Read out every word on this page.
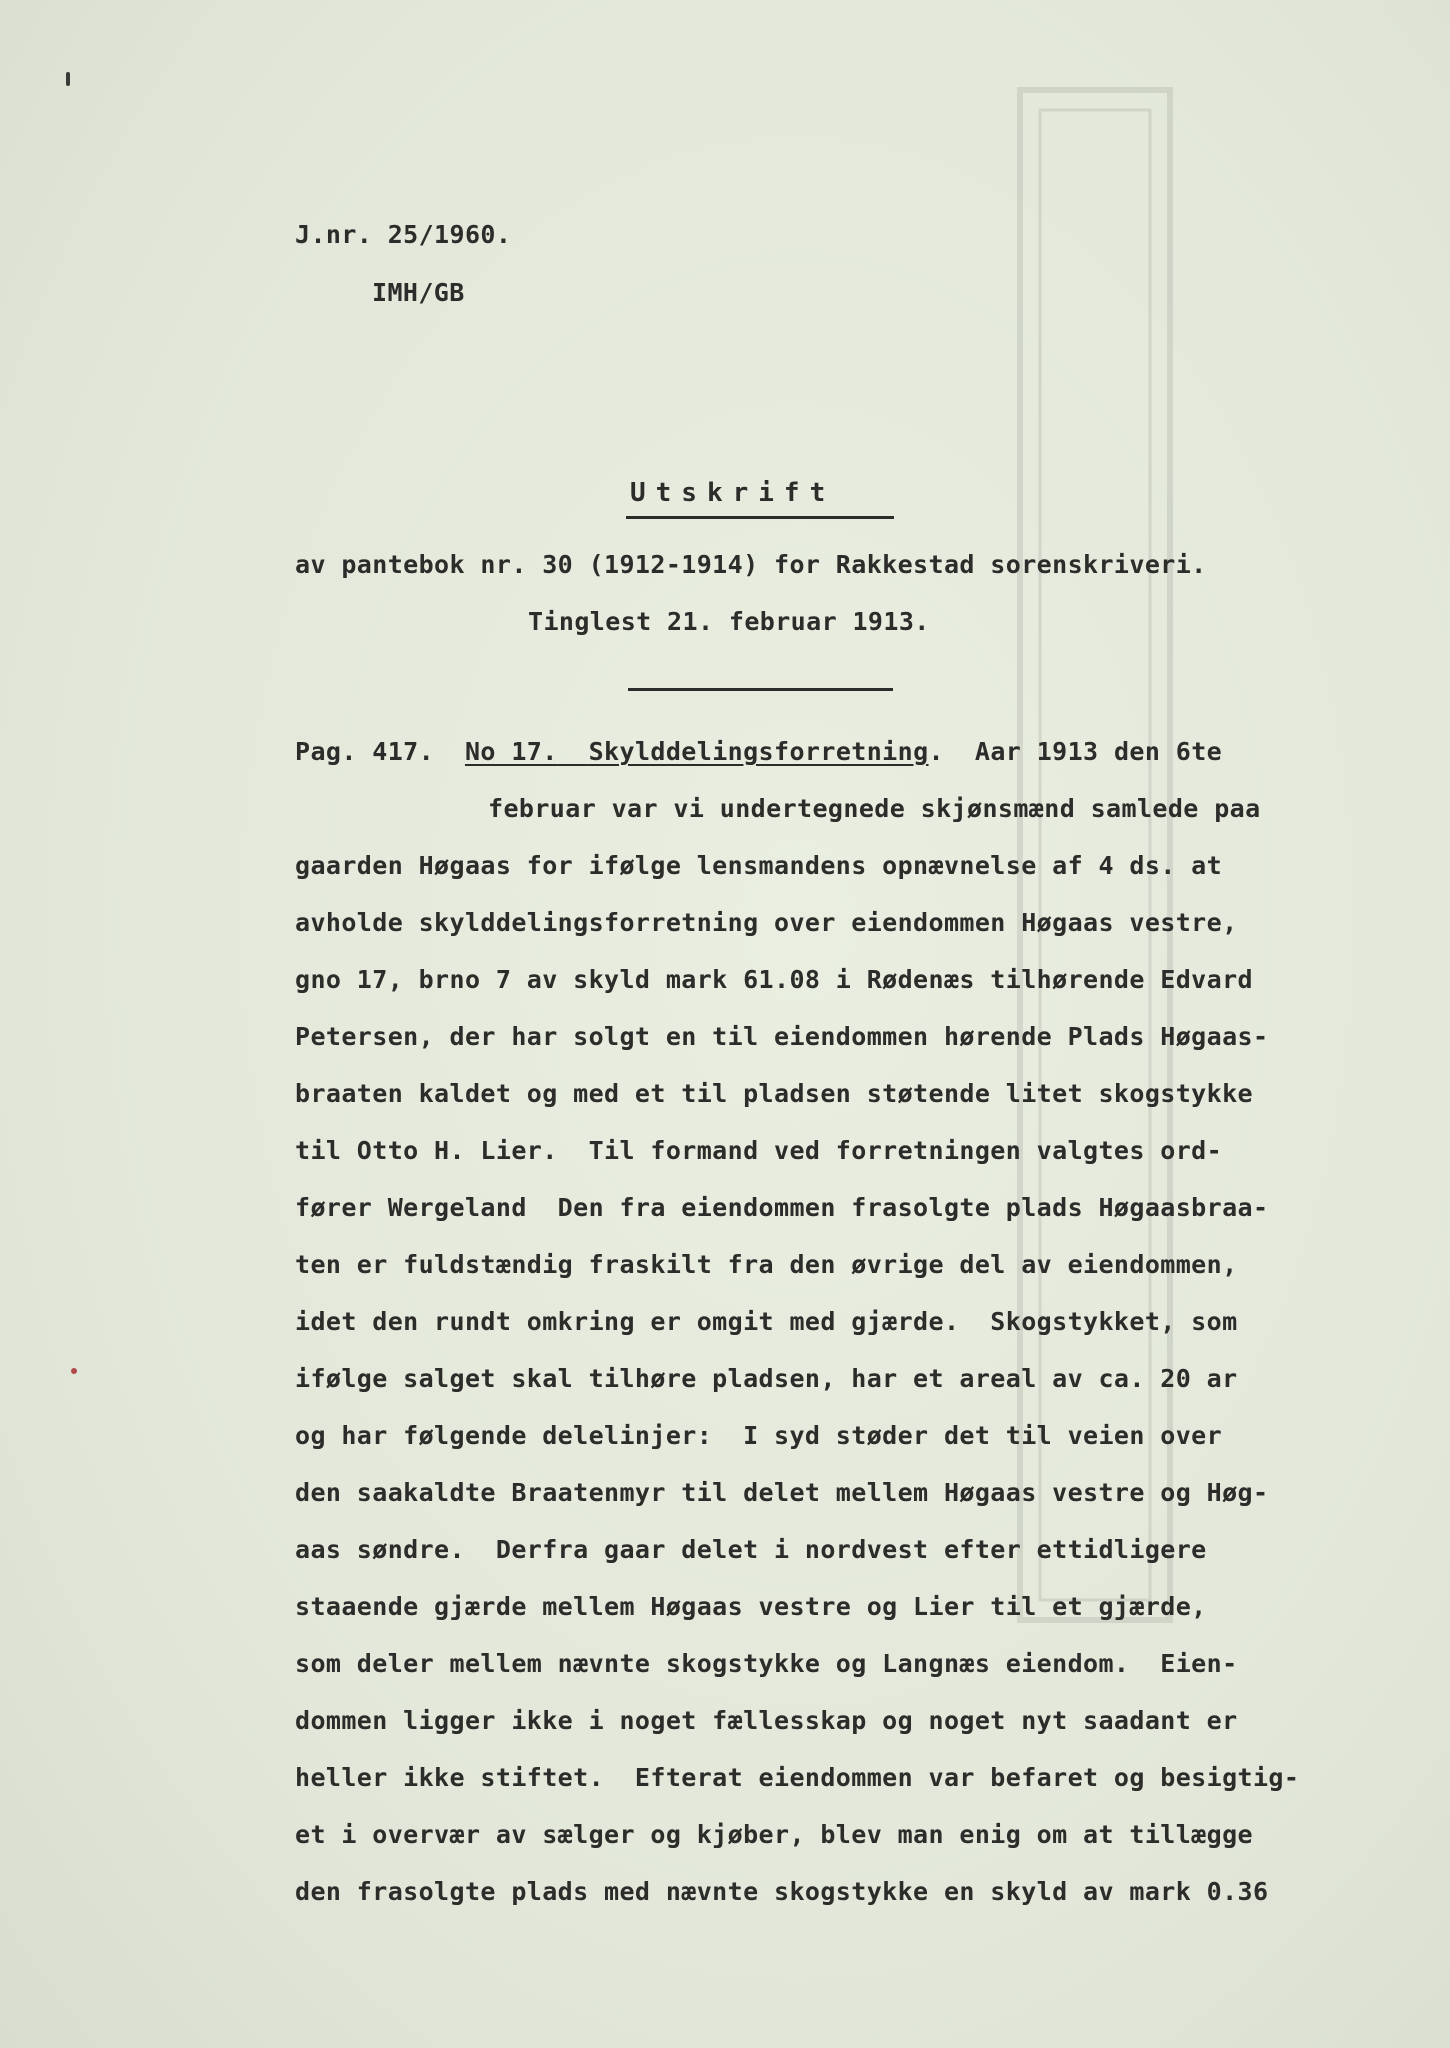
J.nr. 25/1960.
IMH/GB
Utskrift
av pantebok nr. 30 (1912-1914) for Rakkestad sorenskriveri.
Tinglest 21. februar 1913.
Pag. 417. No 17. Skylddelingsforretning. Aar 1913 den 6te
februar var vi undertegnede skjønsmænd samlede paa
gaarden Høgaas for ifølge lensmandens opnævnelse af 4 ds. at
avholde skylddelingsforretning over eiendommen Høgaas vestre,
gno 17, brno 7 av skyld mark 61.08 i Rødenæs tilhørende Edvard
Petersen, der har solgt en til eiendommen hørende Plads Høgaas-
braaten kaldet og med et til pladsen støtende litet skogstykke
til Otto H. Lier.  Til formand ved forretningen valgtes ord-
fører Wergeland  Den fra eiendommen frasolgte plads Høgaasbraa-
ten er fuldstændig fraskilt fra den øvrige del av eiendommen,
idet den rundt omkring er omgit med gjærde.  Skogstykket, som
ifølge salget skal tilhøre pladsen, har et areal av ca. 20 ar
og har følgende delelinjer:  I syd støder det til veien over
den saakaldte Braatenmyr til delet mellem Høgaas vestre og Høg-
aas søndre.  Derfra gaar delet i nordvest efter ettidligere
staaende gjærde mellem Høgaas vestre og Lier til et gjærde,
som deler mellem nævnte skogstykke og Langnæs eiendom.  Eien-
dommen ligger ikke i noget fællesskap og noget nyt saadant er
heller ikke stiftet.  Efterat eiendommen var befaret og besigtig-
et i overvær av sælger og kjøber, blev man enig om at tillægge
den frasolgte plads med nævnte skogstykke en skyld av mark 0.36
